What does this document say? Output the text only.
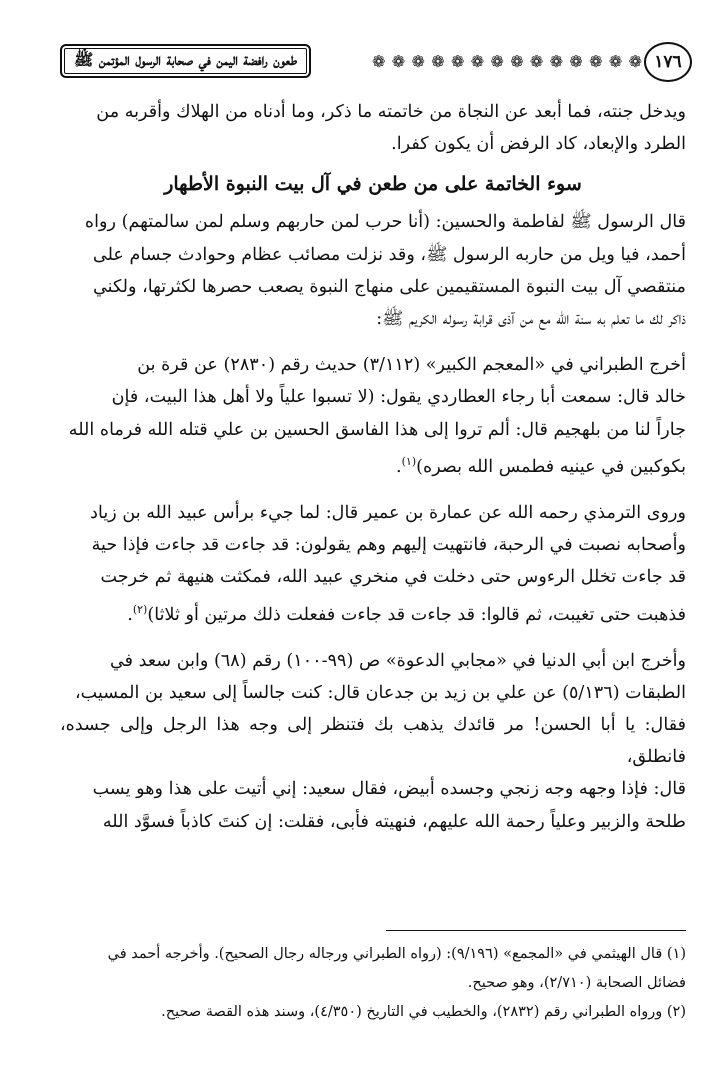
١٧٦
❁
❁
❁
❁
❁
❁
❁
❁
❁
❁
❁
❁
❁
❁
طعون رافضة اليمن في صحابة الرسول المؤتمن ﷺ

ويدخل جنته، فما أبعد عن النجاة من خاتمته ما ذكر، وما أدناه من الهلاك وأقربه من

الطرد والإبعاد، كاد الرفض أن يكون كفرا.

سوء الخاتمة على من طعن في آل بيت النبوة الأطهار

قال الرسول ﷺ لفاطمة والحسين: (أنا حرب لمن حاربهم وسلم لمن سالمتهم) رواه

أحمد، فيا ويل من حاربه الرسول ﷺ، وقد نزلت مصائب عظام وحوادث جسام على

منتقصي آل بيت النبوة المستقيمين على منهاج النبوة يصعب حصرها لكثرتها، ولكني

ذاكر لك ما تعلم به سنة الله مع من آذى قرابة رسوله الكريم ﷺ:

أخرج الطبراني في «المعجم الكبير» (٣/١١٢) حديث رقم (٢٨٣٠) عن قرة بن

خالد قال: سمعت أبا رجاء العطاردي يقول: (لا تسبوا علياً ولا أهل هذا البيت، فإن

جاراً لنا من بلهجيم قال: ألم تروا إلى هذا الفاسق الحسين بن علي قتله الله فرماه الله

بكوكبين في عينيه فطمس الله بصره)$^{(١)}$.

وروى الترمذي رحمه الله عن عمارة بن عمير قال: لما جيء برأس عبيد الله بن زياد

وأصحابه نصبت في الرحبة، فانتهيت إليهم وهم يقولون: قد جاءت قد جاءت فإذا حية

قد جاءت تخلل الرءوس حتى دخلت في منخري عبيد الله، فمكثت هنيهة ثم خرجت

فذهبت حتى تغيبت، ثم قالوا: قد جاءت قد جاءت ففعلت ذلك مرتين أو ثلاثا)$^{(٢)}$.

وأخرج ابن أبي الدنيا في «مجابي الدعوة» ص (٩٩-١٠٠) رقم (٦٨) وابن سعد في

الطبقات (٥/١٣٦) عن علي بن زيد بن جدعان قال: كنت جالساً إلى سعيد بن المسيب،

فقال: يا أبا الحسن! مر قائدك يذهب بك فتنظر إلى وجه هذا الرجل وإلى جسده، فانطلق،

قال: فإذا وجهه وجه زنجي وجسده أبيض، فقال سعيد: إني أتيت على هذا وهو يسب

طلحة والزبير وعلياً رحمة الله عليهم، فنهيته فأبى، فقلت: إن كنتَ كاذباً فسوَّد الله

(١) قال الهيثمي في «المجمع» (٩/١٩٦): (رواه الطبراني ورجاله رجال الصحيح). وأخرجه أحمد في

فضائل الصحابة (٢/٧١٠)، وهو صحيح.

(٢) ورواه الطبراني رقم (٢٨٣٢)، والخطيب في التاريخ (٤/٣٥٠)، وسند هذه القصة صحيح.
